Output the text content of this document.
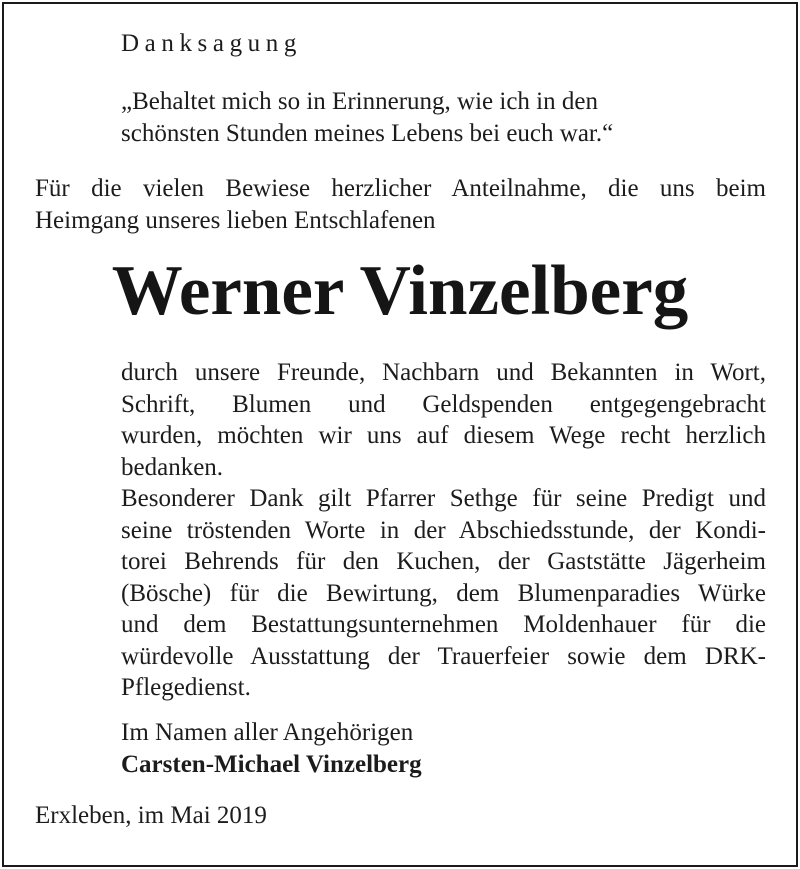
Danksagung
„Behaltet mich so in Erinnerung, wie ich in den
schönsten Stunden meines Lebens bei euch war.“
Für die vielen Bewiese herzlicher Anteilnahme, die uns beim
Heimgang unseres lieben Entschlafenen
Werner Vinzelberg
durch unsere Freunde, Nachbarn und Bekannten in Wort,
Schrift, Blumen und Geldspenden entgegengebracht
wurden, möchten wir uns auf diesem Wege recht herzlich
bedanken.
Besonderer Dank gilt Pfarrer Sethge für seine Predigt und
seine tröstenden Worte in der Abschiedsstunde, der Kondi-
torei Behrends für den Kuchen, der Gaststätte Jägerheim
(Bösche) für die Bewirtung, dem Blumenparadies Würke
und dem Bestattungsunternehmen Moldenhauer für die
würdevolle Ausstattung der Trauerfeier sowie dem DRK-
Pflegedienst.
Im Namen aller Angehörigen
Carsten-Michael Vinzelberg
Erxleben, im Mai 2019
